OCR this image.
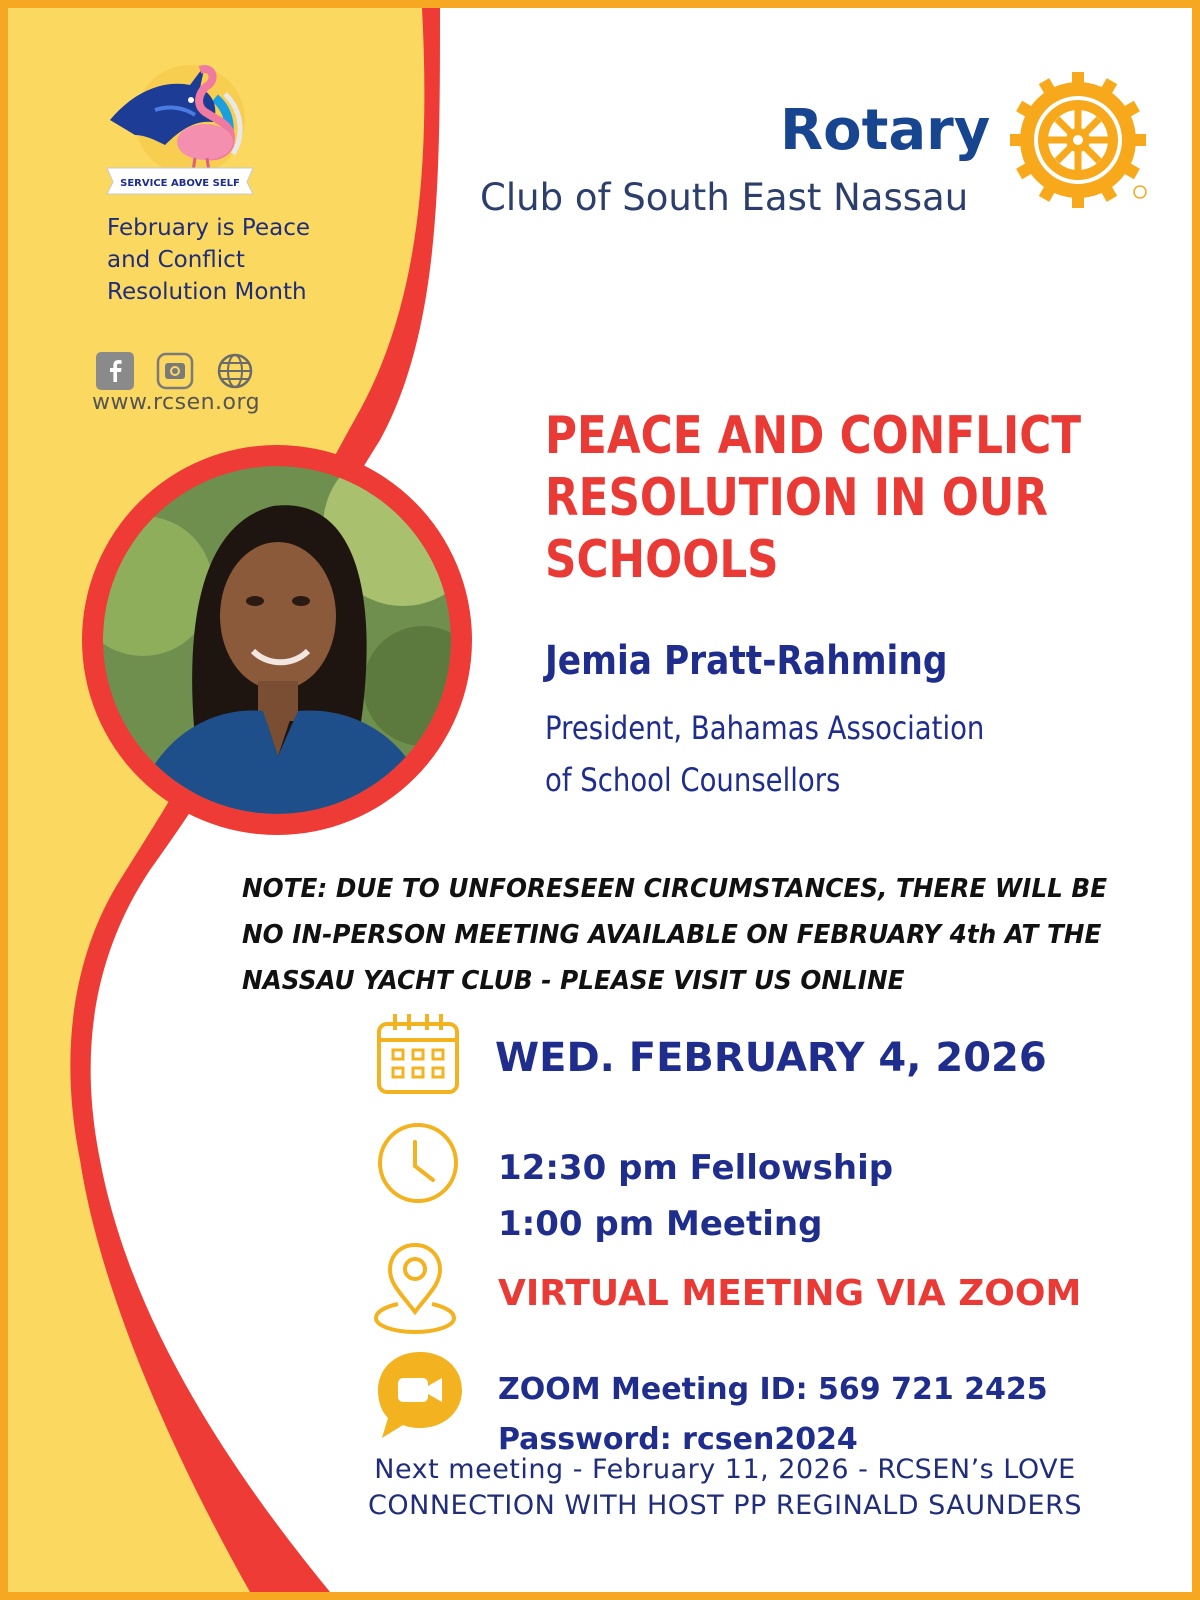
SERVICE ABOVE SELF
February is Peace
and Conflict
Resolution Month
www.rcsen.org
Rotary
Club of South East Nassau
PEACE AND CONFLICT
RESOLUTION IN OUR
SCHOOLS
Jemia Pratt-Rahming
President, Bahamas Association
of School Counsellors
NOTE: DUE TO UNFORESEEN CIRCUMSTANCES, THERE WILL BE
NO IN-PERSON MEETING AVAILABLE ON FEBRUARY 4th AT THE
NASSAU YACHT CLUB - PLEASE VISIT US ONLINE
WED. FEBRUARY 4, 2026
12:30 pm Fellowship
1:00 pm Meeting
VIRTUAL MEETING VIA ZOOM
ZOOM Meeting ID: 569 721 2425
Password: rcsen2024
Next meeting - February 11, 2026 - RCSEN’s LOVE
CONNECTION WITH HOST PP REGINALD SAUNDERS
